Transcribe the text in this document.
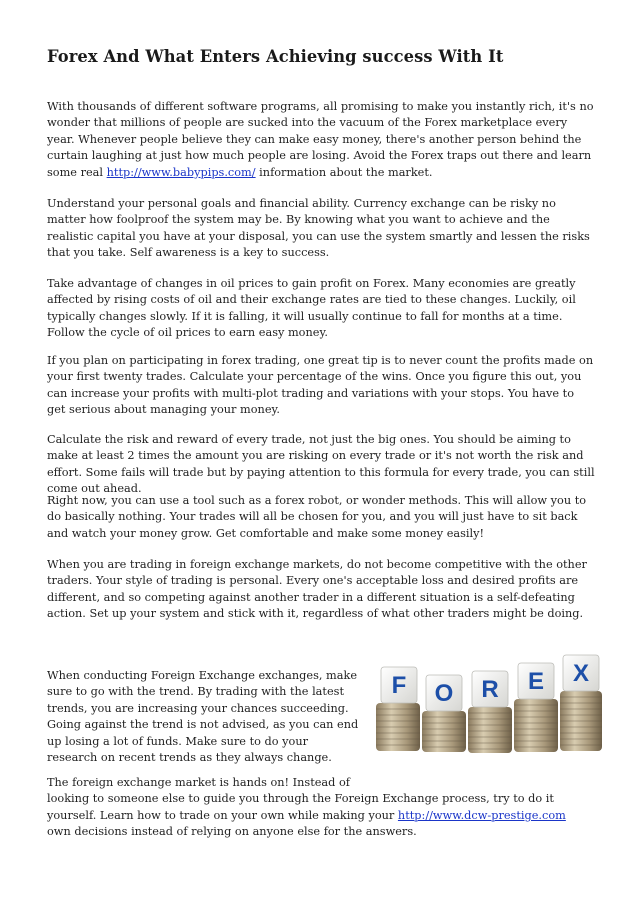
Forex And What Enters Achieving success With It

With thousands of different software programs, all promising to make you instantly rich, it's no wonder that millions of people are sucked into the vacuum of the Forex marketplace every year. Whenever people believe they can make easy money, there's another person behind the curtain laughing at just how much people are losing. Avoid the Forex traps out there and learn some real http://www.babypips.com/ information about the market.

Understand your personal goals and financial ability. Currency exchange can be risky no matter how foolproof the system may be. By knowing what you want to achieve and the realistic capital you have at your disposal, you can use the system smartly and lessen the risks that you take. Self awareness is a key to success.

Take advantage of changes in oil prices to gain profit on Forex. Many economies are greatly affected by rising costs of oil and their exchange rates are tied to these changes. Luckily, oil typically changes slowly. If it is falling, it will usually continue to fall for months at a time. Follow the cycle of oil prices to earn easy money.

If you plan on participating in forex trading, one great tip is to never count the profits made on your first twenty trades. Calculate your percentage of the wins. Once you figure this out, you can increase your profits with multi-plot trading and variations with your stops. You have to get serious about managing your money.

Calculate the risk and reward of every trade, not just the big ones. You should be aiming to make at least 2 times the amount you are risking on every trade or it's not worth the risk and effort. Some fails will trade but by paying attention to this formula for every trade, you can still come out ahead.

Right now, you can use a tool such as a forex robot, or wonder methods. This will allow you to do basically nothing. Your trades will all be chosen for you, and you will just have to sit back and watch your money grow. Get comfortable and make some money easily!

When you are trading in foreign exchange markets, do not become competitive with the other traders. Your style of trading is personal. Every one's acceptable loss and desired profits are different, and so competing against another trader in a different situation is a self-defeating action. Set up your system and stick with it, regardless of what other traders might be doing.

When conducting Foreign Exchange exchanges, make sure to go with the trend. By trading with the latest trends, you are increasing your chances succeeding. Going against the trend is not advised, as you can end up losing a lot of funds. Make sure to do your research on recent trends as they always change.

The foreign exchange market is hands on! Instead of

looking to someone else to guide you through the Foreign Exchange process, try to do it yourself. Learn how to trade on your own while making your http://www.dcw-prestige.com own decisions instead of relying on anyone else for the answers.

F O R E X
